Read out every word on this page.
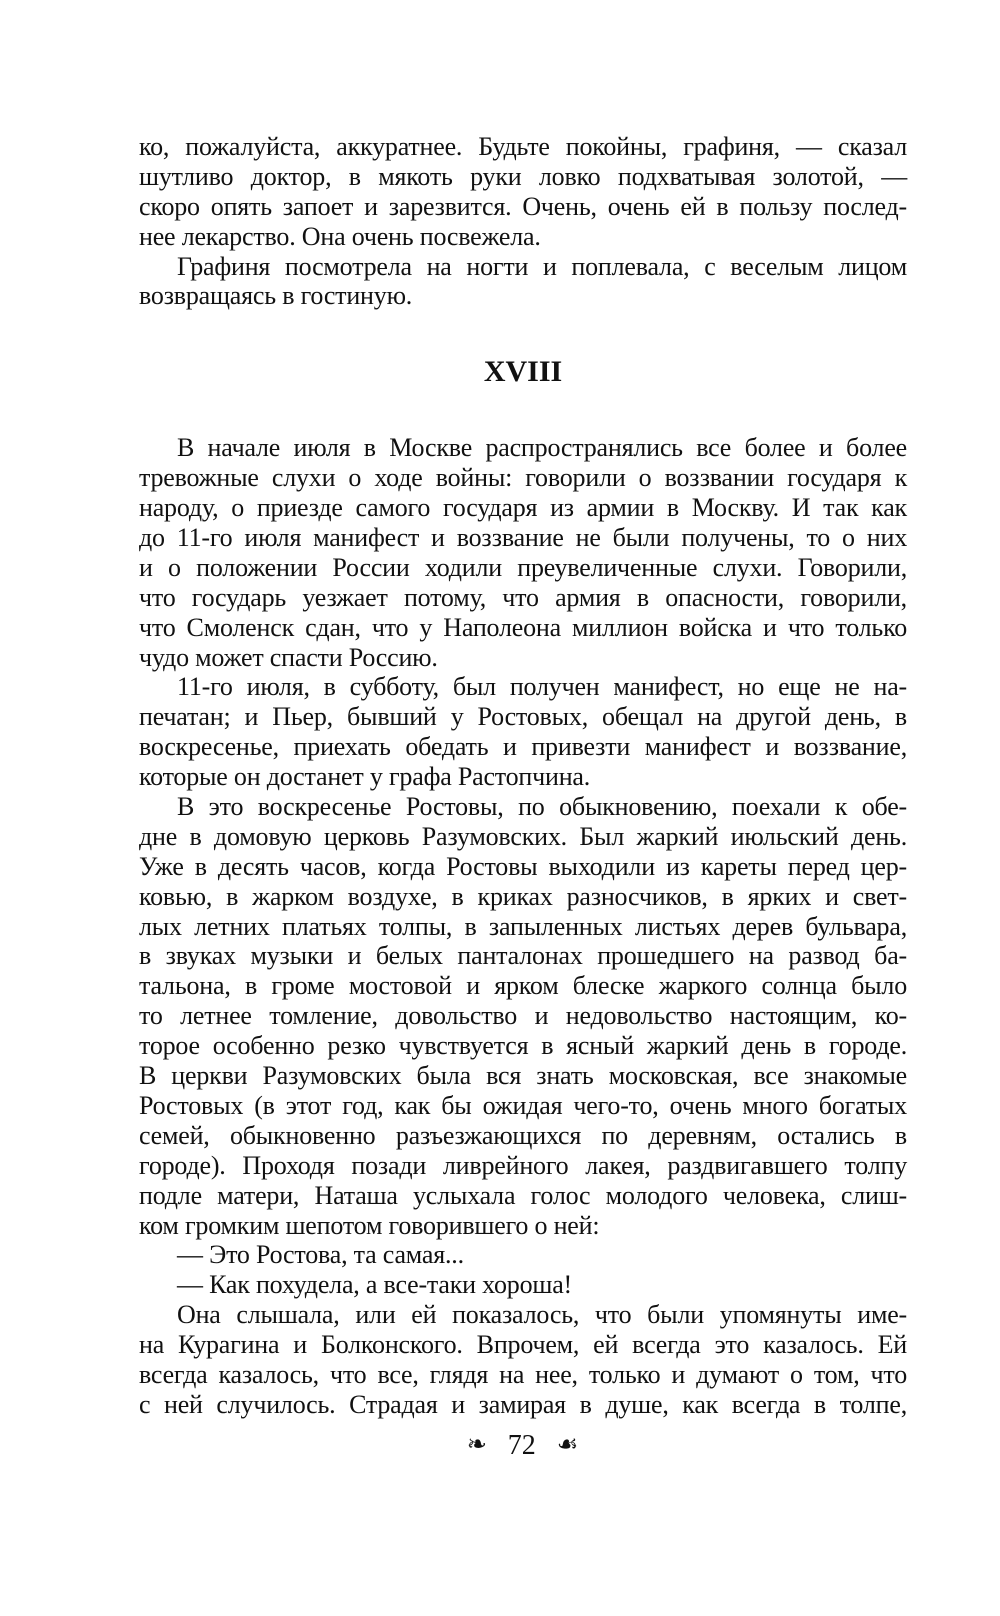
ко, пожалуйста, аккуратнее. Будьте покойны, графиня, — сказал
шутливо доктор, в мякоть руки ловко подхватывая золотой, —
скоро опять запоет и зарезвится. Очень, очень ей в пользу послед-
нее лекарство. Она очень посвежела.
Графиня посмотрела на ногти и поплевала, с веселым лицом
возвращаясь в гостиную.
XVIII
В начале июля в Москве распространялись все более и более
тревожные слухи о ходе войны: говорили о воззвании государя к
народу, о приезде самого государя из армии в Москву. И так как
до 11-го июля манифест и воззвание не были получены, то о них
и о положении России ходили преувеличенные слухи. Говорили,
что государь уезжает потому, что армия в опасности, говорили,
что Смоленск сдан, что у Наполеона миллион войска и что только
чудо может спасти Россию.
11-го июля, в субботу, был получен манифест, но еще не на-
печатан; и Пьер, бывший у Ростовых, обещал на другой день, в
воскресенье, приехать обедать и привезти манифест и воззвание,
которые он достанет у графа Растопчина.
В это воскресенье Ростовы, по обыкновению, поехали к обе-
дне в домовую церковь Разумовских. Был жаркий июльский день.
Уже в десять часов, когда Ростовы выходили из кареты перед цер-
ковью, в жарком воздухе, в криках разносчиков, в ярких и свет-
лых летних платьях толпы, в запыленных листьях дерев бульвара,
в звуках музыки и белых панталонах прошедшего на развод ба-
тальона, в громе мостовой и ярком блеске жаркого солнца было
то летнее томление, довольство и недовольство настоящим, ко-
торое особенно резко чувствуется в ясный жаркий день в городе.
В церкви Разумовских была вся знать московская, все знакомые
Ростовых (в этот год, как бы ожидая чего-то, очень много богатых
семей, обыкновенно разъезжающихся по деревням, остались в
городе). Проходя позади ливрейного лакея, раздвигавшего толпу
подле матери, Наташа услыхала голос молодого человека, слиш-
ком громким шепотом говорившего о ней:
— Это Ростова, та самая...
— Как похудела, а все-таки хороша!
Она слышала, или ей показалось, что были упомянуты име-
на Курагина и Болконского. Впрочем, ей всегда это казалось. Ей
всегда казалось, что все, глядя на нее, только и думают о том, что
с ней случилось. Страдая и замирая в душе, как всегда в толпе,
❧ 72 ☙
